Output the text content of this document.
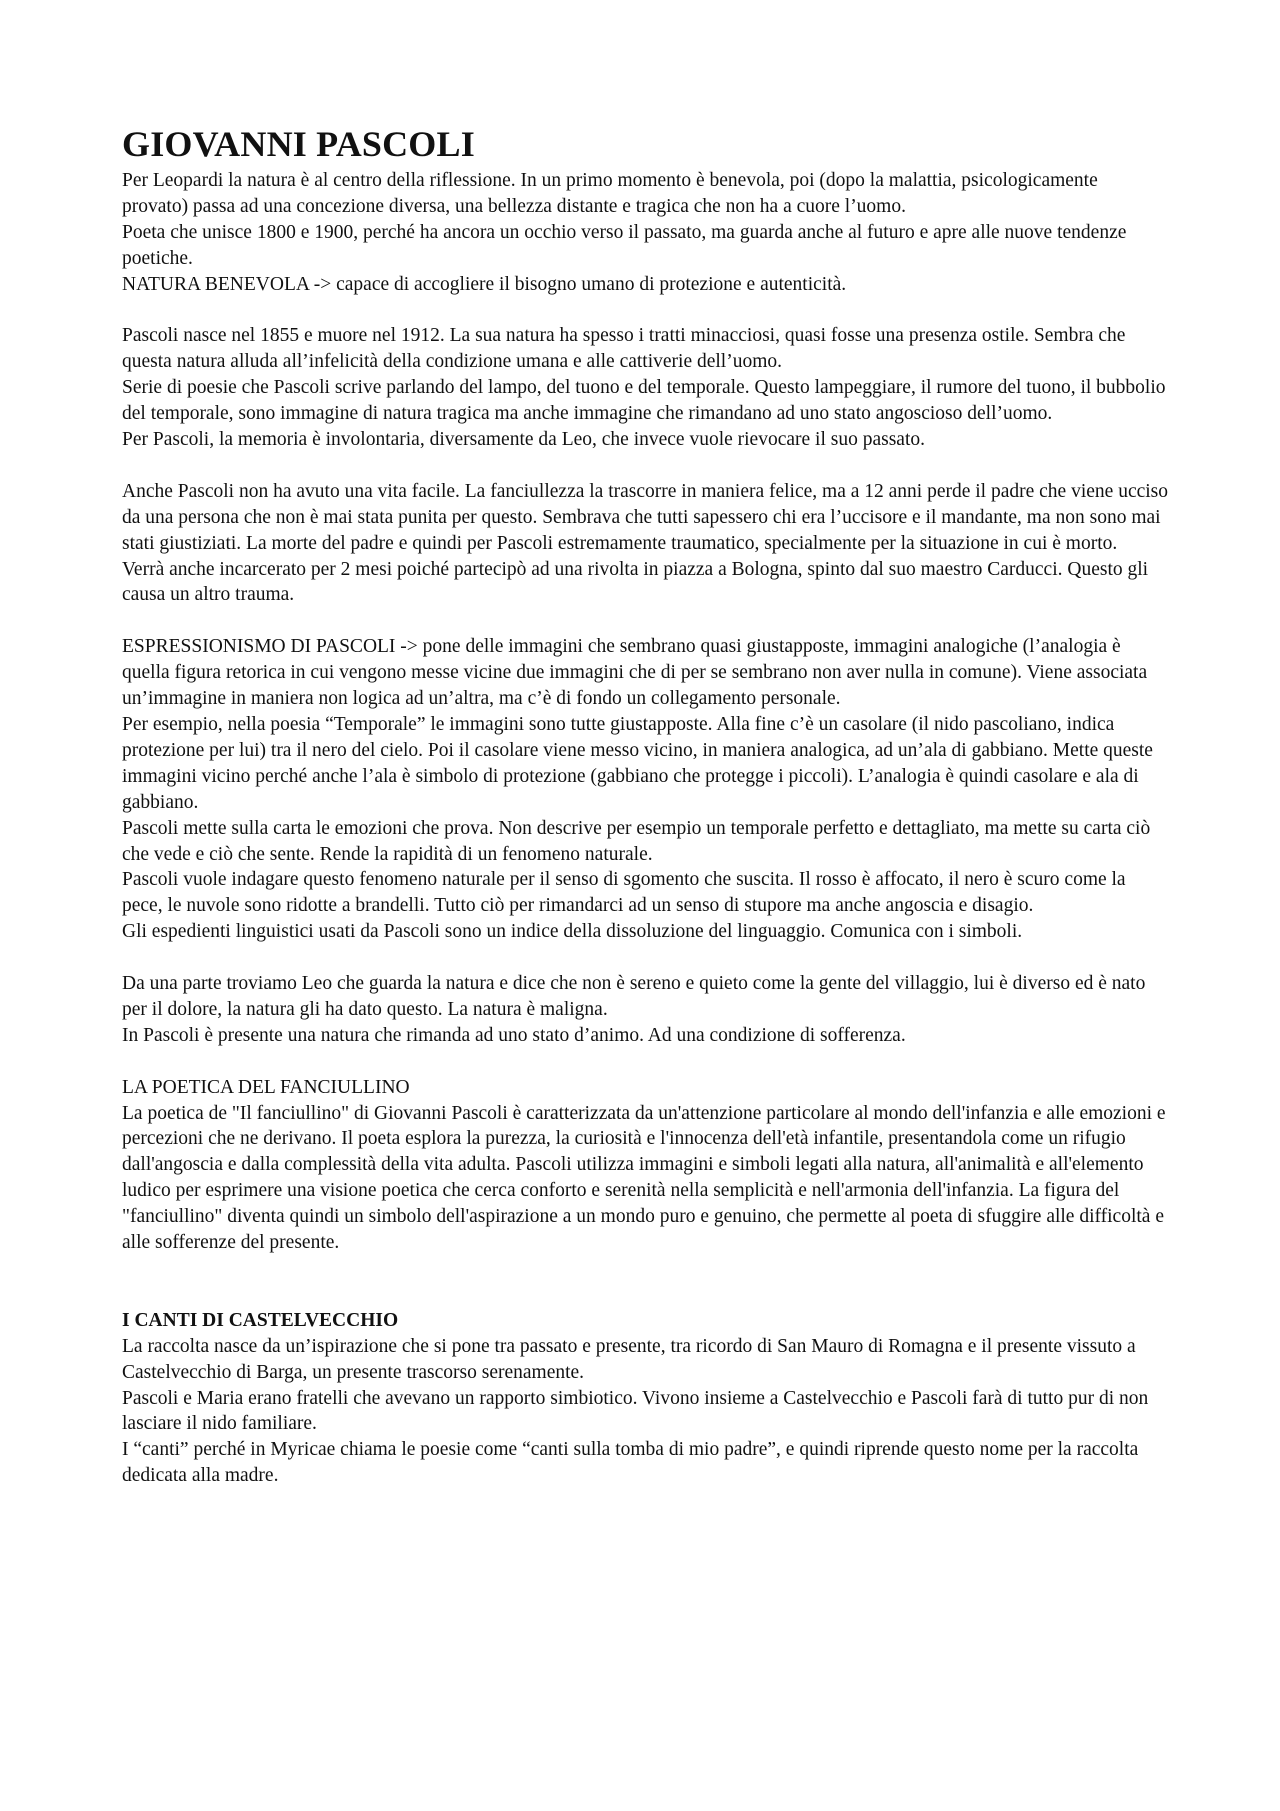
GIOVANNI PASCOLI

Per Leopardi la natura è al centro della riflessione. In un primo momento è benevola, poi (dopo la malattia, psicologicamente provato) passa ad una concezione diversa, una bellezza distante e tragica che non ha a cuore l’uomo.

Poeta che unisce 1800 e 1900, perché ha ancora un occhio verso il passato, ma guarda anche al futuro e apre alle nuove tendenze poetiche.

NATURA BENEVOLA -> capace di accogliere il bisogno umano di protezione e autenticità.

Pascoli nasce nel 1855 e muore nel 1912. La sua natura ha spesso i tratti minacciosi, quasi fosse una presenza ostile. Sembra che questa natura alluda all’infelicità della condizione umana e alle cattiverie dell’uomo.

Serie di poesie che Pascoli scrive parlando del lampo, del tuono e del temporale. Questo lampeggiare, il rumore del tuono, il bubbolio del temporale, sono immagine di natura tragica ma anche immagine che rimandano ad uno stato angoscioso dell’uomo.

Per Pascoli, la memoria è involontaria, diversamente da Leo, che invece vuole rievocare il suo passato.

Anche Pascoli non ha avuto una vita facile. La fanciullezza la trascorre in maniera felice, ma a 12 anni perde il padre che viene ucciso da una persona che non è mai stata punita per questo. Sembrava che tutti sapessero chi era l’uccisore e il mandante, ma non sono mai stati giustiziati. La morte del padre e quindi per Pascoli estremamente traumatico, specialmente per la situazione in cui è morto.

Verrà anche incarcerato per 2 mesi poiché partecipò ad una rivolta in piazza a Bologna, spinto dal suo maestro Carducci. Questo gli causa un altro trauma.

ESPRESSIONISMO DI PASCOLI -> pone delle immagini che sembrano quasi giustapposte, immagini analogiche (l’analogia è quella figura retorica in cui vengono messe vicine due immagini che di per se sembrano non aver nulla in comune). Viene associata un’immagine in maniera non logica ad un’altra, ma c’è di fondo un collegamento personale.

Per esempio, nella poesia “Temporale” le immagini sono tutte giustapposte. Alla fine c’è un casolare (il nido pascoliano, indica protezione per lui) tra il nero del cielo. Poi il casolare viene messo vicino, in maniera analogica, ad un’ala di gabbiano. Mette queste immagini vicino perché anche l’ala è simbolo di protezione (gabbiano che protegge i piccoli). L’analogia è quindi casolare e ala di gabbiano.

Pascoli mette sulla carta le emozioni che prova. Non descrive per esempio un temporale perfetto e dettagliato, ma mette su carta ciò che vede e ciò che sente. Rende la rapidità di un fenomeno naturale.

Pascoli vuole indagare questo fenomeno naturale per il senso di sgomento che suscita. Il rosso è affocato, il nero è scuro come la pece, le nuvole sono ridotte a brandelli. Tutto ciò per rimandarci ad un senso di stupore ma anche angoscia e disagio.

Gli espedienti linguistici usati da Pascoli sono un indice della dissoluzione del linguaggio. Comunica con i simboli.

Da una parte troviamo Leo che guarda la natura e dice che non è sereno e quieto come la gente del villaggio, lui è diverso ed è nato per il dolore, la natura gli ha dato questo. La natura è maligna.

In Pascoli è presente una natura che rimanda ad uno stato d’animo. Ad una condizione di sofferenza.

LA POETICA DEL FANCIULLINO

La poetica de "Il fanciullino" di Giovanni Pascoli è caratterizzata da un'attenzione particolare al mondo dell'infanzia e alle emozioni e percezioni che ne derivano. Il poeta esplora la purezza, la curiosità e l'innocenza dell'età infantile, presentandola come un rifugio dall'angoscia e dalla complessità della vita adulta. Pascoli utilizza immagini e simboli legati alla natura, all'animalità e all'elemento ludico per esprimere una visione poetica che cerca conforto e serenità nella semplicità e nell'armonia dell'infanzia. La figura del "fanciullino" diventa quindi un simbolo dell'aspirazione a un mondo puro e genuino, che permette al poeta di sfuggire alle difficoltà e alle sofferenze del presente.

I CANTI DI CASTELVECCHIO

La raccolta nasce da un’ispirazione che si pone tra passato e presente, tra ricordo di San Mauro di Romagna e il presente vissuto a Castelvecchio di Barga, un presente trascorso serenamente.

Pascoli e Maria erano fratelli che avevano un rapporto simbiotico. Vivono insieme a Castelvecchio e Pascoli farà di tutto pur di non lasciare il nido familiare.

I “canti” perché in Myricae chiama le poesie come “canti sulla tomba di mio padre”, e quindi riprende questo nome per la raccolta dedicata alla madre.
